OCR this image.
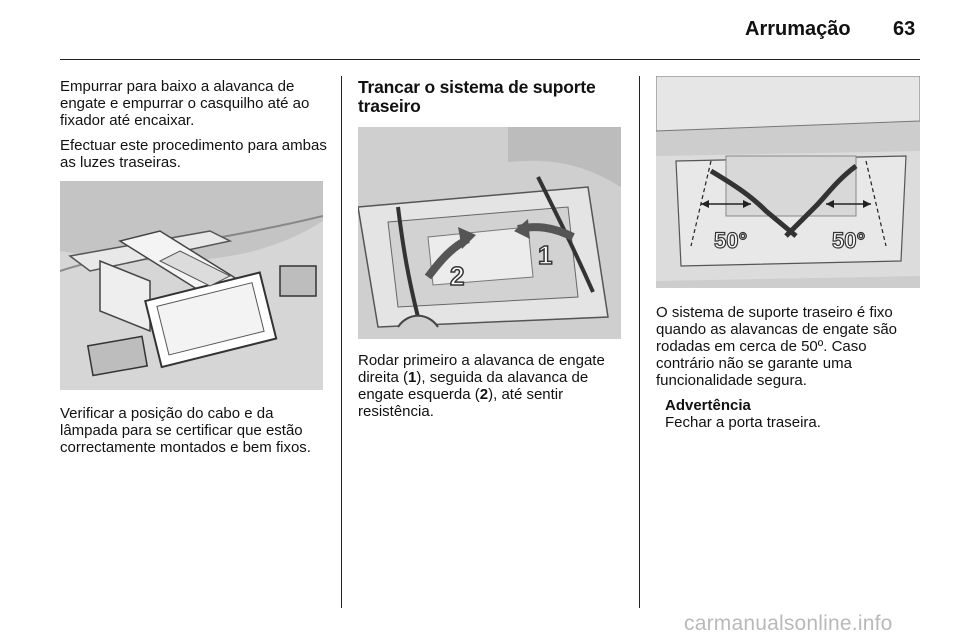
Arrumação 63

Empurrar para baixo a alavanca de engate e empurrar o casquilho até ao fixador até encaixar.

Efectuar este procedimento para ambas as luzes traseiras.

Verificar a posição do cabo e da lâmpada para se certificar que estão correctamente montados e bem fixos.

Trancar o sistema de suporte traseiro
1
2

Rodar primeiro a alavanca de engate direita (1), seguida da alavanca de engate esquerda (2), até sentir resistência.

50°	50°

O sistema de suporte traseiro é fixo quando as alavancas de engate são rodadas em cerca de 50º. Caso contrário não se garante uma funcionalidade segura.

Advertência

Fechar a porta traseira.

carmanualsonline.info
